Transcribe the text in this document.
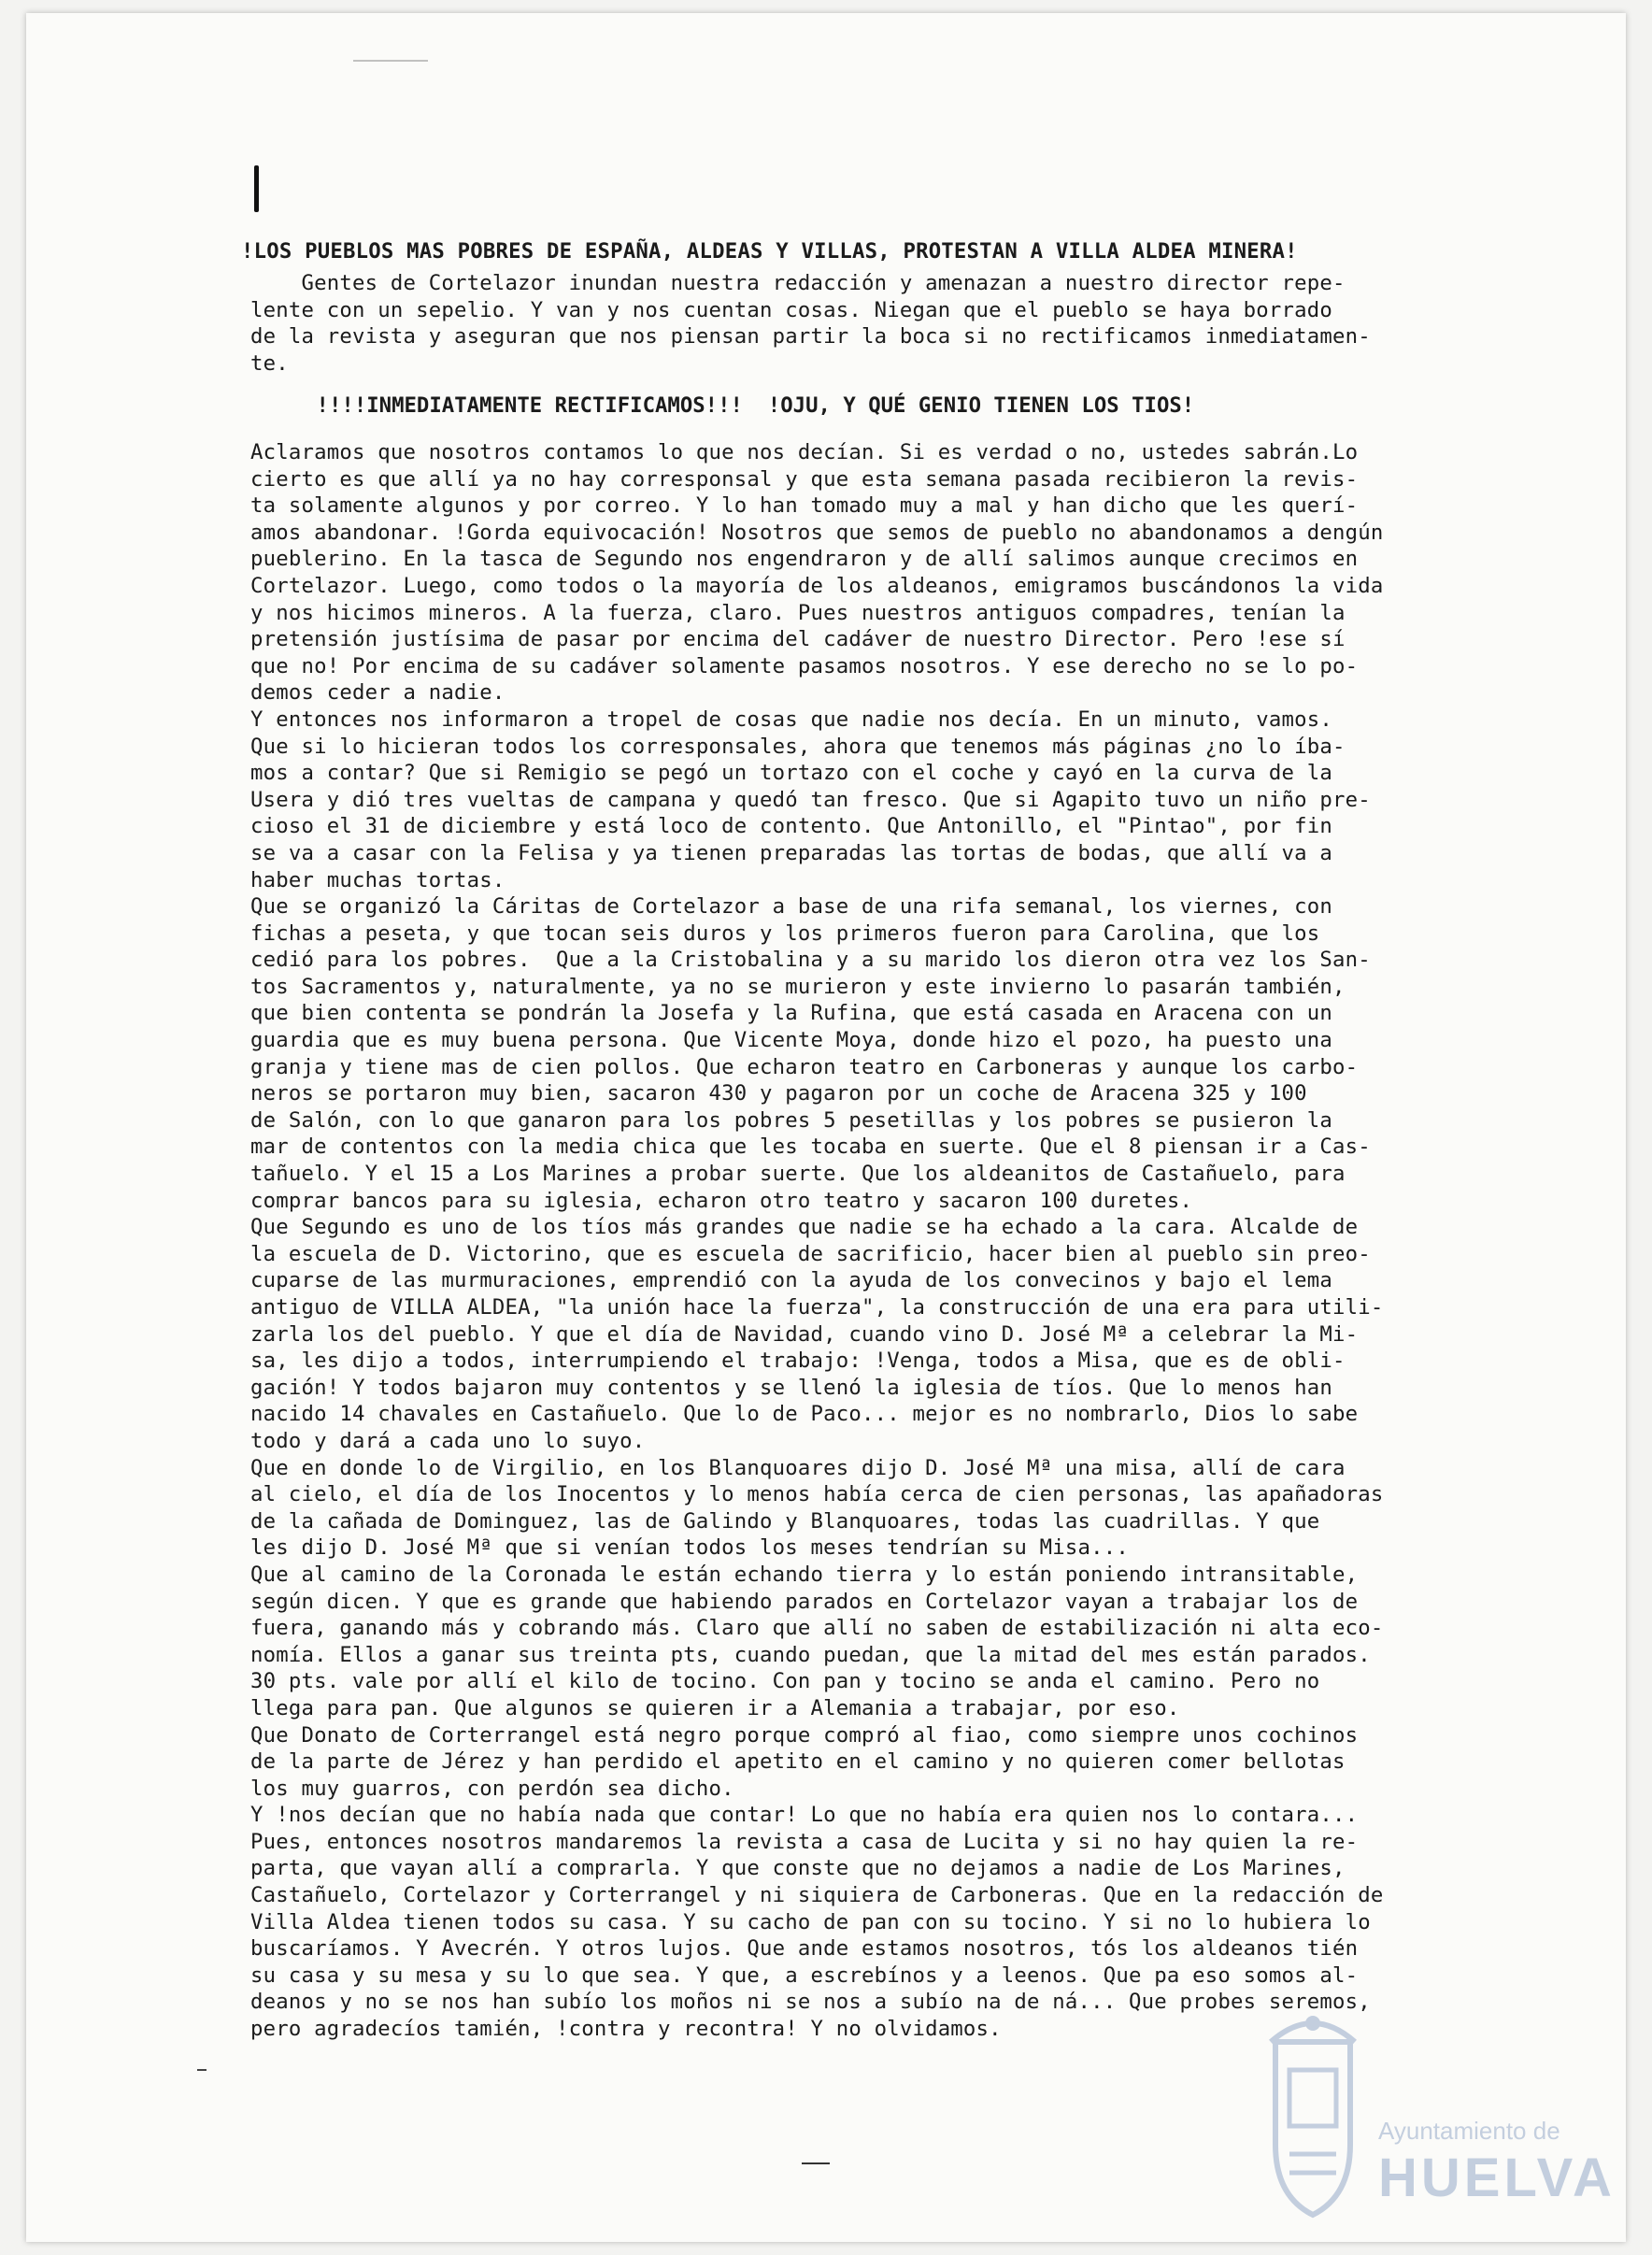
!LOS PUEBLOS MAS POBRES DE ESPAÑA, ALDEAS Y VILLAS, PROTESTAN A VILLA ALDEA MINERA!
Gentes de Cortelazor inundan nuestra redacción y amenazan a nuestro director repe-
lente con un sepelio. Y van y nos cuentan cosas. Niegan que el pueblo se haya borrado
de la revista y aseguran que nos piensan partir la boca si no rectificamos inmediatamen-
te.
!!!!INMEDIATAMENTE RECTIFICAMOS!!!  !OJU, Y QUÉ GENIO TIENEN LOS TIOS!
Aclaramos que nosotros contamos lo que nos decían. Si es verdad o no, ustedes sabrán.Lo
cierto es que allí ya no hay corresponsal y que esta semana pasada recibieron la revis-
ta solamente algunos y por correo. Y lo han tomado muy a mal y han dicho que les querí-
amos abandonar. !Gorda equivocación! Nosotros que semos de pueblo no abandonamos a dengún
pueblerino. En la tasca de Segundo nos engendraron y de allí salimos aunque crecimos en
Cortelazor. Luego, como todos o la mayoría de los aldeanos, emigramos buscándonos la vida
y nos hicimos mineros. A la fuerza, claro. Pues nuestros antiguos compadres, tenían la
pretensión justísima de pasar por encima del cadáver de nuestro Director. Pero !ese sí
que no! Por encima de su cadáver solamente pasamos nosotros. Y ese derecho no se lo po-
demos ceder a nadie.
Y entonces nos informaron a tropel de cosas que nadie nos decía. En un minuto, vamos.
Que si lo hicieran todos los corresponsales, ahora que tenemos más páginas ¿no lo íba-
mos a contar? Que si Remigio se pegó un tortazo con el coche y cayó en la curva de la
Usera y dió tres vueltas de campana y quedó tan fresco. Que si Agapito tuvo un niño pre-
cioso el 31 de diciembre y está loco de contento. Que Antonillo, el "Pintao", por fin
se va a casar con la Felisa y ya tienen preparadas las tortas de bodas, que allí va a
haber muchas tortas.
Que se organizó la Cáritas de Cortelazor a base de una rifa semanal, los viernes, con
fichas a peseta, y que tocan seis duros y los primeros fueron para Carolina, que los
cedió para los pobres.  Que a la Cristobalina y a su marido los dieron otra vez los San-
tos Sacramentos y, naturalmente, ya no se murieron y este invierno lo pasarán también,
que bien contenta se pondrán la Josefa y la Rufina, que está casada en Aracena con un
guardia que es muy buena persona. Que Vicente Moya, donde hizo el pozo, ha puesto una
granja y tiene mas de cien pollos. Que echaron teatro en Carboneras y aunque los carbo-
neros se portaron muy bien, sacaron 430 y pagaron por un coche de Aracena 325 y 100
de Salón, con lo que ganaron para los pobres 5 pesetillas y los pobres se pusieron la
mar de contentos con la media chica que les tocaba en suerte. Que el 8 piensan ir a Cas-
tañuelo. Y el 15 a Los Marines a probar suerte. Que los aldeanitos de Castañuelo, para
comprar bancos para su iglesia, echaron otro teatro y sacaron 100 duretes.
Que Segundo es uno de los tíos más grandes que nadie se ha echado a la cara. Alcalde de
la escuela de D. Victorino, que es escuela de sacrificio, hacer bien al pueblo sin preo-
cuparse de las murmuraciones, emprendió con la ayuda de los convecinos y bajo el lema
antiguo de VILLA ALDEA, "la unión hace la fuerza", la construcción de una era para utili-
zarla los del pueblo. Y que el día de Navidad, cuando vino D. José Mª a celebrar la Mi-
sa, les dijo a todos, interrumpiendo el trabajo: !Venga, todos a Misa, que es de obli-
gación! Y todos bajaron muy contentos y se llenó la iglesia de tíos. Que lo menos han
nacido 14 chavales en Castañuelo. Que lo de Paco... mejor es no nombrarlo, Dios lo sabe
todo y dará a cada uno lo suyo.
Que en donde lo de Virgilio, en los Blanquoares dijo D. José Mª una misa, allí de cara
al cielo, el día de los Inocentos y lo menos había cerca de cien personas, las apañadoras
de la cañada de Dominguez, las de Galindo y Blanquoares, todas las cuadrillas. Y que
les dijo D. José Mª que si venían todos los meses tendrían su Misa...
Que al camino de la Coronada le están echando tierra y lo están poniendo intransitable,
según dicen. Y que es grande que habiendo parados en Cortelazor vayan a trabajar los de
fuera, ganando más y cobrando más. Claro que allí no saben de estabilización ni alta eco-
nomía. Ellos a ganar sus treinta pts, cuando puedan, que la mitad del mes están parados.
30 pts. vale por allí el kilo de tocino. Con pan y tocino se anda el camino. Pero no
llega para pan. Que algunos se quieren ir a Alemania a trabajar, por eso.
Que Donato de Corterrangel está negro porque compró al fiao, como siempre unos cochinos
de la parte de Jérez y han perdido el apetito en el camino y no quieren comer bellotas
los muy guarros, con perdón sea dicho.
Y !nos decían que no había nada que contar! Lo que no había era quien nos lo contara...
Pues, entonces nosotros mandaremos la revista a casa de Lucita y si no hay quien la re-
parta, que vayan allí a comprarla. Y que conste que no dejamos a nadie de Los Marines,
Castañuelo, Cortelazor y Corterrangel y ni siquiera de Carboneras. Que en la redacción de
Villa Aldea tienen todos su casa. Y su cacho de pan con su tocino. Y si no lo hubiera lo
buscaríamos. Y Avecrén. Y otros lujos. Que ande estamos nosotros, tós los aldeanos tién
su casa y su mesa y su lo que sea. Y que, a escrebínos y a leenos. Que pa eso somos al-
deanos y no se nos han subío los moños ni se nos a subío na de ná... Que probes seremos,
pero agradecíos tamién, !contra y recontra! Y no olvidamos.
Ayuntamiento de
HUELVA
